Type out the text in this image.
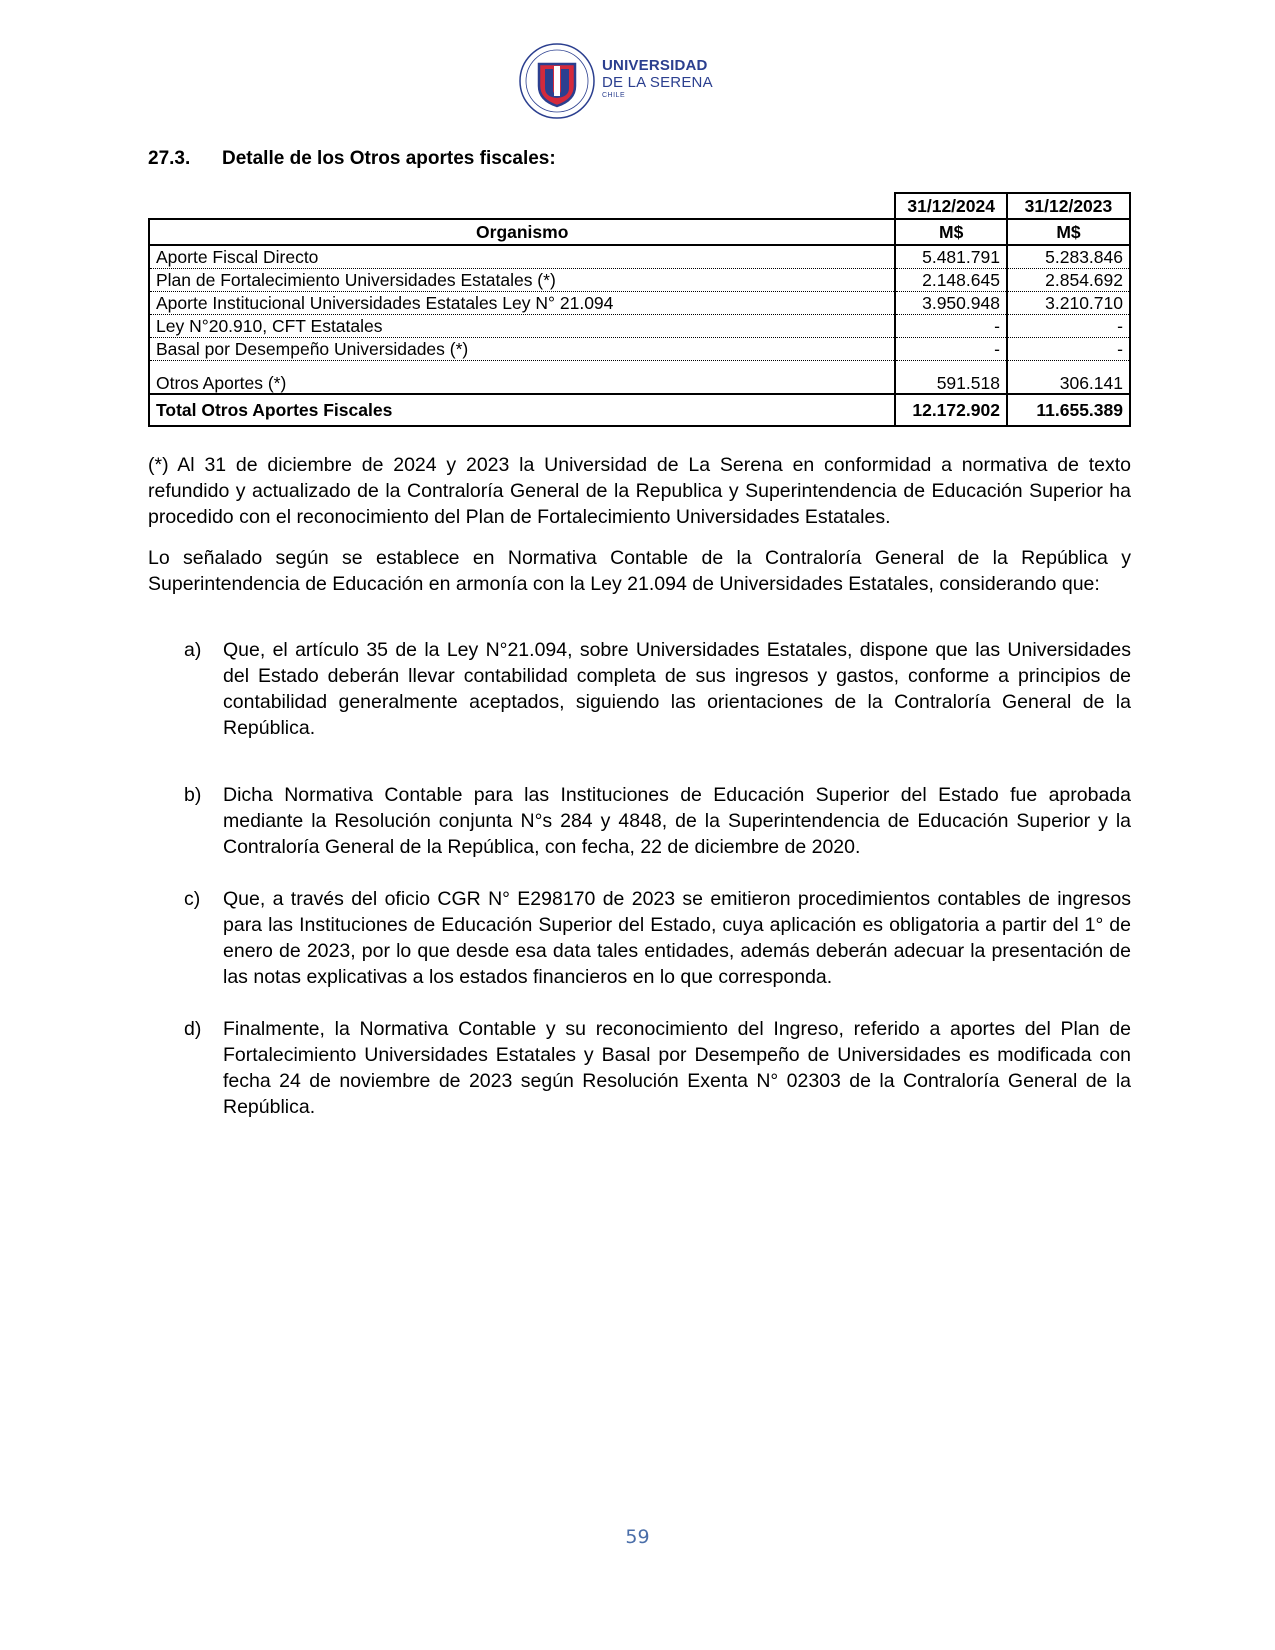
UNIVERSIDAD
DE LA SERENA
CHILE
27.3. Detalle de los Otros aportes fiscales:
	31/12/2024	31/12/2023
Organismo	M$	M$
Aporte Fiscal Directo	5.481.791	5.283.846
Plan de Fortalecimiento Universidades Estatales (*)	2.148.645	2.854.692
Aporte Institucional Universidades Estatales Ley N° 21.094	3.950.948	3.210.710
Ley N°20.910, CFT Estatales	-	-
Basal por Desempeño Universidades (*)	-	-
Otros Aportes (*)	591.518	306.141
Total Otros Aportes Fiscales	12.172.902	11.655.389
(*) Al 31 de diciembre de 2024 y 2023 la Universidad de La Serena en conformidad a normativa de texto refundido y actualizado de la Contraloría General de la Republica y Superintendencia de Educación Superior ha procedido con el reconocimiento del Plan de Fortalecimiento Universidades Estatales.
Lo señalado según se establece en Normativa Contable de la Contraloría General de la República y Superintendencia de Educación en armonía con la Ley 21.094 de Universidades Estatales, considerando que:
a) Que, el artículo 35 de la Ley N°21.094, sobre Universidades Estatales, dispone que las Universidades del Estado deberán llevar contabilidad completa de sus ingresos y gastos, conforme a principios de contabilidad generalmente aceptados, siguiendo las orientaciones de la Contraloría General de la República.
b) Dicha Normativa Contable para las Instituciones de Educación Superior del Estado fue aprobada mediante la Resolución conjunta N°s 284 y 4848, de la Superintendencia de Educación Superior y la Contraloría General de la República, con fecha, 22 de diciembre de 2020.
c) Que, a través del oficio CGR N° E298170 de 2023 se emitieron procedimientos contables de ingresos para las Instituciones de Educación Superior del Estado, cuya aplicación es obligatoria a partir del 1° de enero de 2023, por lo que desde esa data tales entidades, además deberán adecuar la presentación de las notas explicativas a los estados financieros en lo que corresponda.
d) Finalmente, la Normativa Contable y su reconocimiento del Ingreso, referido a aportes del Plan de Fortalecimiento Universidades Estatales y Basal por Desempeño de Universidades es modificada con fecha 24 de noviembre de 2023 según Resolución Exenta N° 02303 de la Contraloría General de la República.
59
